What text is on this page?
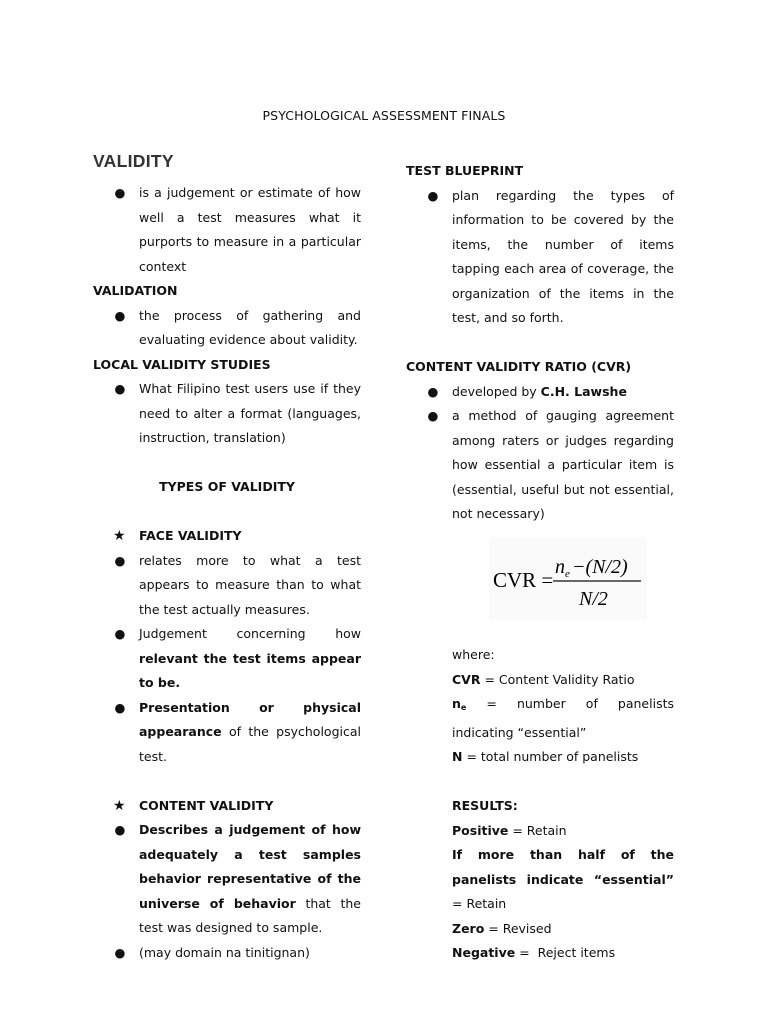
PSYCHOLOGICAL ASSESSMENT FINALS
VALIDITY
● is a judgement or estimate of how well a test measures what it purports to measure in a particular context
VALIDATION
● the process of gathering and evaluating evidence about validity.
LOCAL VALIDITY STUDIES
● What Filipino test users use if they need to alter a format (languages, instruction, translation)
TYPES OF VALIDITY
★ FACE VALIDITY
● relates more to what a test appears to measure than to what the test actually measures.
● Judgement concerning how relevant the test items appear to be.
● Presentation or physical appearance of the psychological test.
★ CONTENT VALIDITY
● Describes a judgement of how adequately a test samples behavior representative of the universe of behavior that the test was designed to sample.
● (may domain na tinitignan)
TEST BLUEPRINT
● plan regarding the types of information to be covered by the items, the number of items tapping each area of coverage, the organization of the items in the test, and so forth.
CONTENT VALIDITY RATIO (CVR)
● developed by C.H. Lawshe
● a method of gauging agreement among raters or judges regarding how essential a particular item is (essential, useful but not essential, not necessary)
CVR =
n e −(N/2)
N/2
where:
CVR = Content Validity Ratio
$n_e$ = number of panelists indicating “essential”
N = total number of panelists
RESULTS:
Positive = Retain
If more than half of the panelists indicate “essential” = Retain
Zero = Revised
Negative =  Reject items
